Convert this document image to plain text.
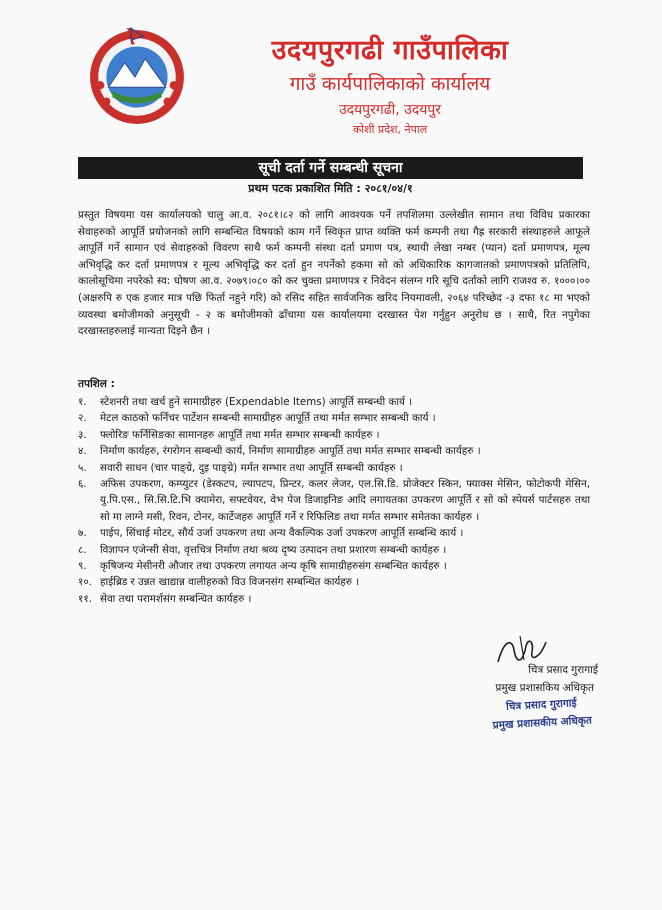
उदयपुरगढी गाउँपालिका
गाउँ कार्यपालिकाको कार्यालय
उदयपुरगढी, उदयपुर
कोशी प्रदेश, नेपाल
सूची दर्ता गर्ने सम्बन्धी सूचना
प्रथम पटक प्रकाशित मिति : २०८१/०४/१

प्रस्तुत विषयमा यस कार्यालयको चालु आ.व. २०८१।८२ को लागि आवश्यक पर्ने तपशिलमा उल्लेखीत सामान तथा विविध प्रकारका सेवाहरुको आपूर्ति प्रयोजनको लागि सम्बन्धित विषयको काम गर्ने स्विकृत प्राप्त व्यक्ति फर्म कम्पनी तथा गैह्र सरकारी संस्थाहरुले आफूले आपूर्ति गर्ने सामान एवं सेवाहरुको विवरण साथै फर्म कम्पनी संस्था दर्ता प्रमाण पत्र, स्थायी लेखा नम्बर (प्यान) दर्ता प्रमाणपत्र, मूल्य अभिवृद्धि कर दर्ता प्रमाणपत्र र मूल्य अभिवृद्धि कर दर्ता हुन नपर्नेको हकमा सो को अधिकारिक कागजातको प्रमाणपत्रको प्रतिलिपि, कालोसूचिमा नपरेको स्व: घोषण आ.व. २०७९।०८० को कर चुक्ता प्रमाणपत्र र निवेदन संलग्न गरि सूचि दर्ताको लागि राजश्व रु. १०००।०० (अक्षरुपि रु एक हजार मात्र पछि फिर्ता नहुने गरि) को रसिद सहित सार्वजनिक खरिद नियमावली, २०६४ परिच्छेद -३ दफा १८ मा भएको व्यवस्था बमोजीमको अनुसूची - २ क बमोजीमको ढाँचामा यस कार्यालयमा दरखास्त पेश गर्नुहुन अनुरोध छ । साथै, रित नपुगेका दरखास्तहरुलाई मान्यता दिइने छैन ।

तपशिल :
१.	स्टेशनरी तथा खर्च हुने सामाग्रीहरु (Expendable Items) आपूर्ति सम्बन्धी कार्य ।
२.	मेटल काठको फर्निचर पार्टेशन सम्बन्धी सामाग्रीहरु आपूर्ति तथा मर्मत सम्भार सम्बन्धी कार्य ।
३.	फ्लोरिङ फर्निसिङका सामानहरु आपूर्ति तथा मर्मत सम्भार सम्बन्धी कार्यहरु ।
४.	निर्माण कार्यहरु, रंगरोगन सम्बन्धी कार्य, निर्माण सामाग्रीहरु आपूर्ति तथा मर्मत सम्भार सम्बन्धी कार्यहरु ।
५.	सवारी साधन (चार पाङ्ग्रे, दुइ पाङ्ग्रे) मर्मत सम्भार तथा आपूर्ति सम्बन्धी कार्यहरु ।
६.	अफिस उपकरण, कम्प्युटर (डेस्कटप, ल्यापटप, प्रिन्टर, कलर लेजर, एल.सि.डि. प्रोजेक्टर स्किन, फ्याक्स मेसिन, फोटोकपी मेसिन, यु.पि.एस., सि.सि.टि.भि क्यामेरा, सफ्टवेयर, वेभ पेज डिजाइनिङ आदि लगायतका उपकरण आपूर्ति र सो को स्पेयर्स पार्टसहरु तथा सो मा लाग्ने मसी, रिवन, टोनर, कार्टेजहरु आपूर्ति गर्ने र रिफिलिङ तथा मर्मत सम्भार समेतका कार्यहरु ।
७.	पाईप, सिंचाई मोटर, सौर्य उर्जा उपकरण तथा अन्य वैकल्पिक उर्जा उपकरण आपूर्ति सम्बन्धि कार्य ।
८.	विज्ञापन एजेन्सी सेवा, वृत्तचित्र निर्माण तथा श्रव्य दृष्य उत्पादन तथा प्रशारण सम्बन्धी कार्यहरु ।
९.	कृषिजन्य मेसीनरी औजार तथा उपकरण लगायत अन्य कृषि सामाग्रीहरुसंग सम्बन्धित कार्यहरु ।
१०. हाईब्रिड र उन्नत खाद्यान्न वालीहरुको विउ विजनसंग सम्बन्धित कार्यहरु ।
११. सेवा तथा परामर्शसंग सम्बन्धित कार्यहरु ।
चित्र प्रसाद गुरागाई
प्रमुख प्रशासकिय अधिकृत
चित्र प्रसाद गुरागाई
प्रमुख प्रशासकीय अधिकृत
